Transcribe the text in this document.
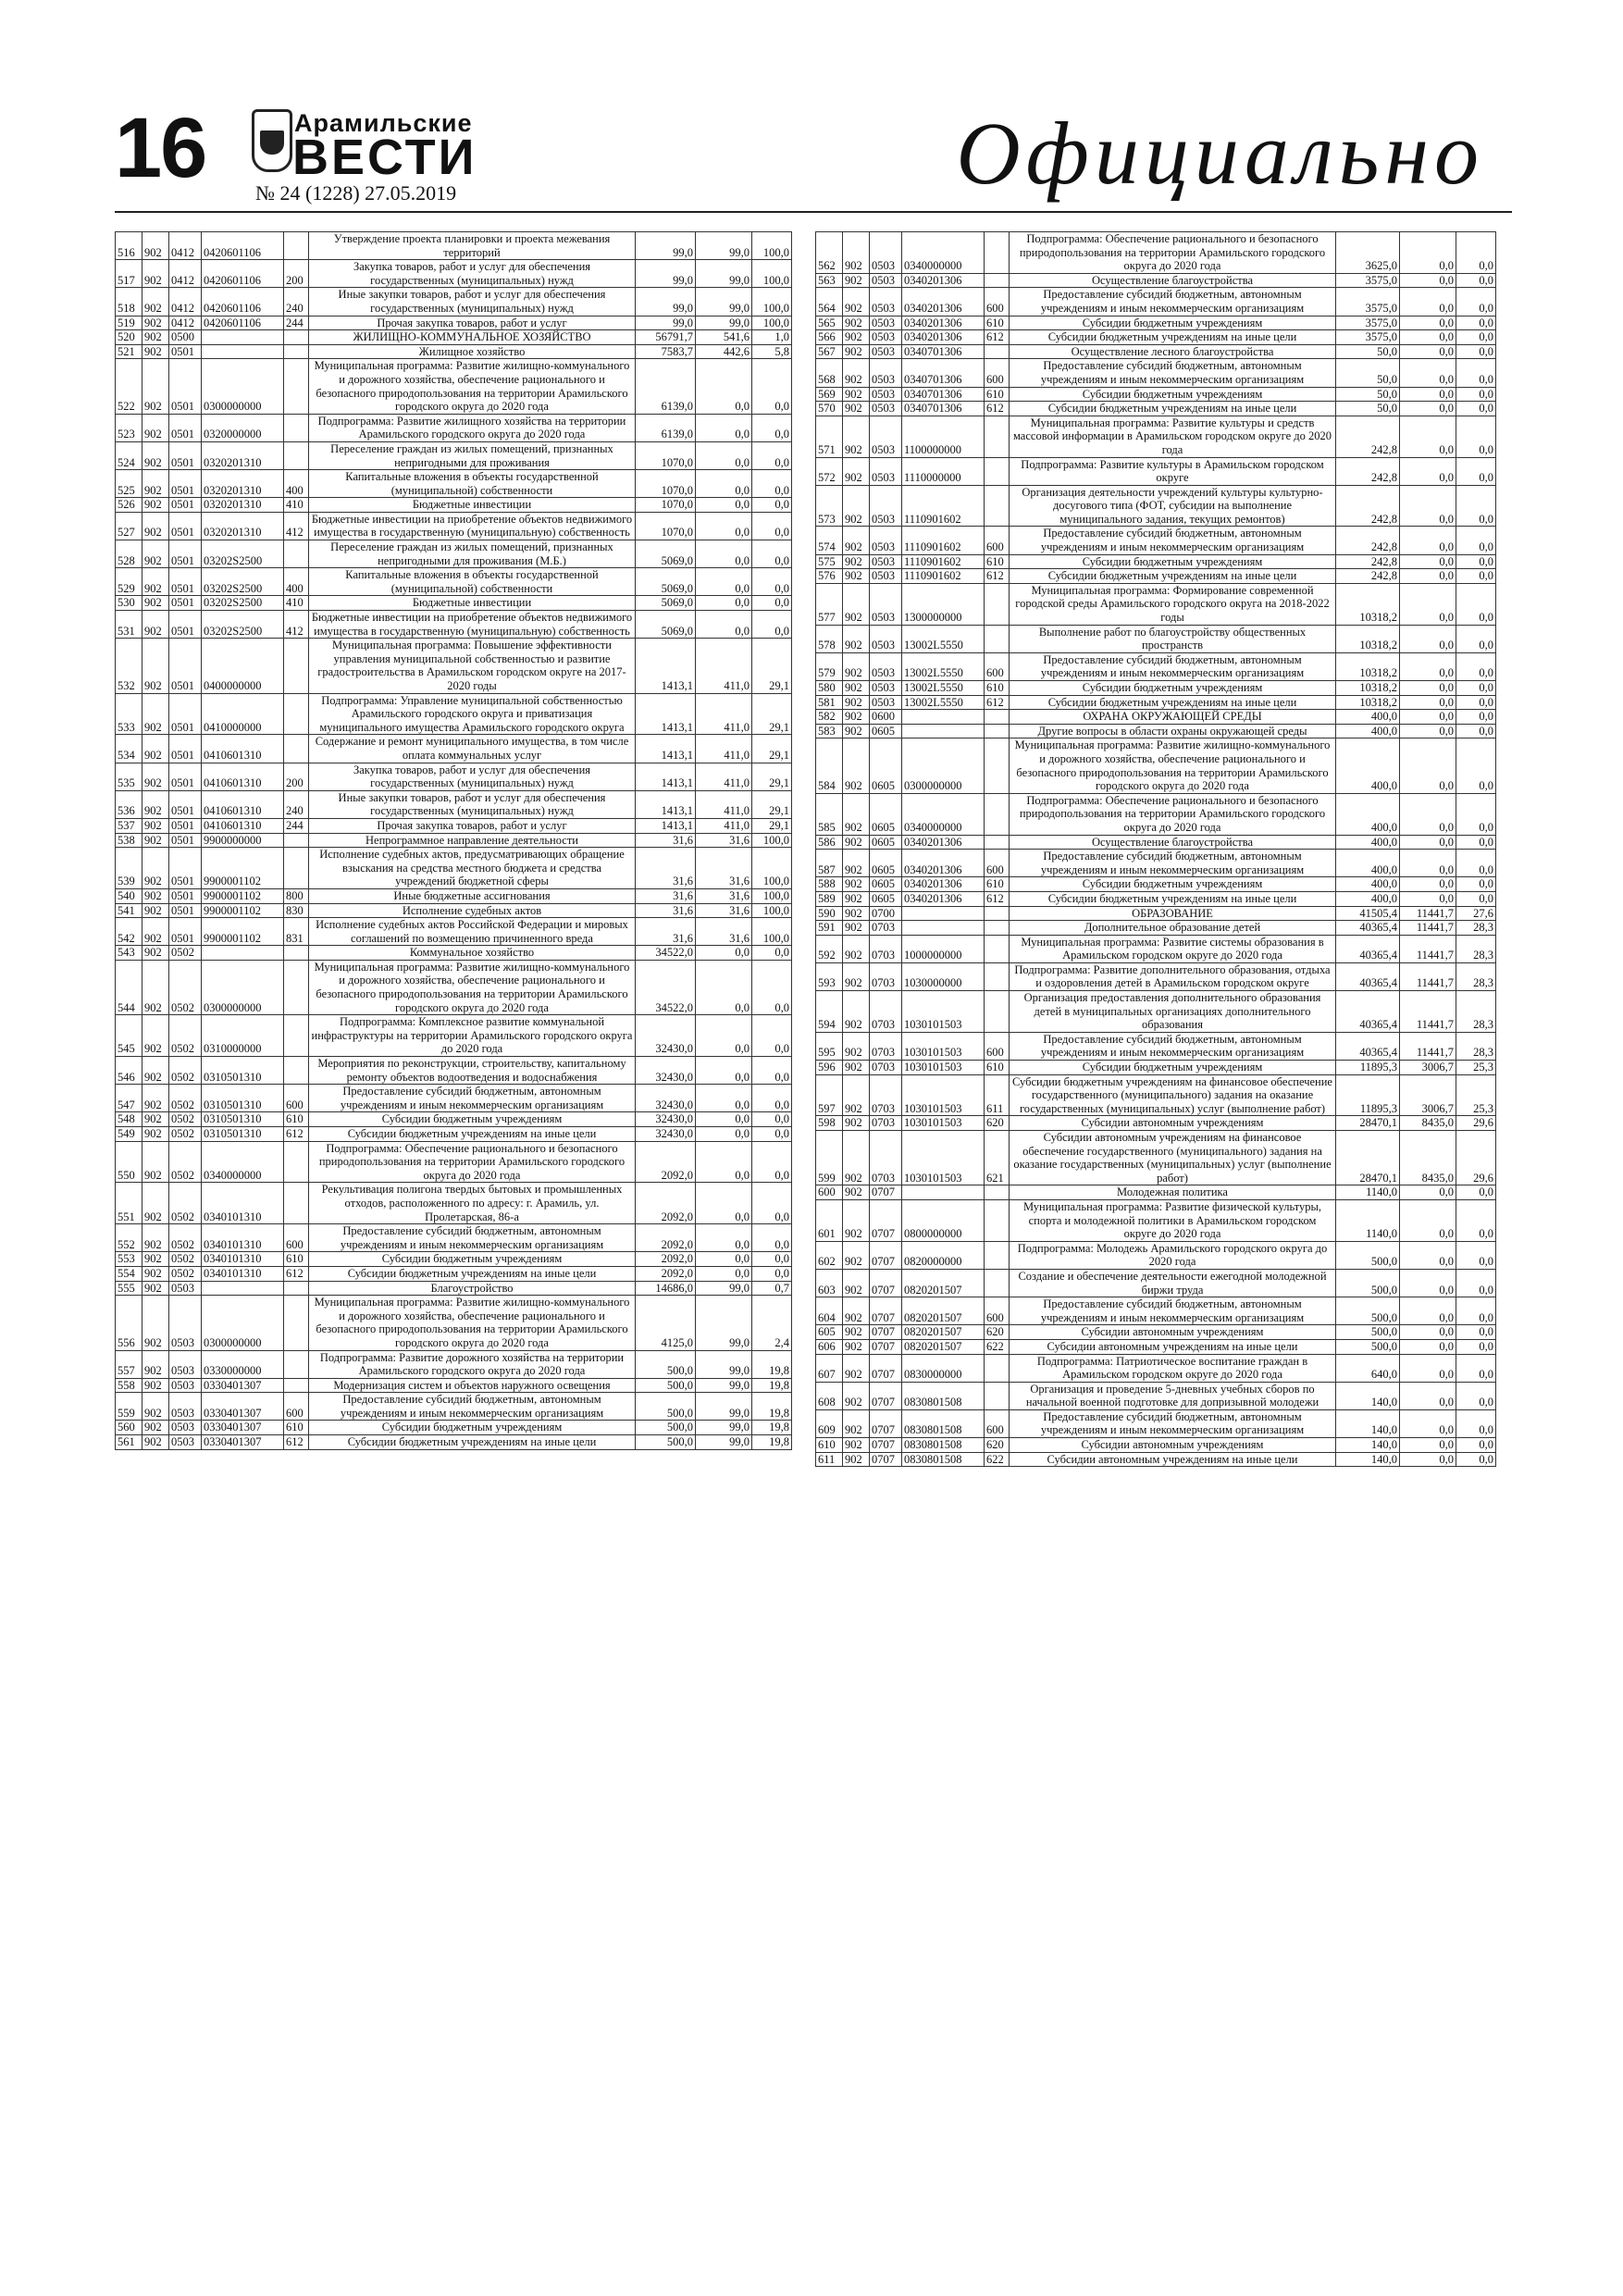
16	Арамильские
ВЕСТИ
№ 24 (1228) 27.05.2019	Официально
516	902	0412	0420601106		Утверждение проекта планировки и проекта межевания территорий	99,0	99,0	100,0
517	902	0412	0420601106	200	Закупка товаров, работ и услуг для обеспечения государственных (муниципальных) нужд	99,0	99,0	100,0
518	902	0412	0420601106	240	Иные закупки товаров, работ и услуг для обеспечения государственных (муниципальных) нужд	99,0	99,0	100,0
519	902	0412	0420601106	244	Прочая закупка товаров, работ и услуг	99,0	99,0	100,0
520	902	0500			ЖИЛИЩНО-КОММУНАЛЬНОЕ ХОЗЯЙСТВО	56791,7	541,6	1,0
521	902	0501			Жилищное хозяйство	7583,7	442,6	5,8
522	902	0501	0300000000		Муниципальная программа: Развитие жилищно-коммунального и дорожного хозяйства, обеспечение рационального и безопасного природопользования на территории Арамильского городского округа до 2020 года	6139,0	0,0	0,0
523	902	0501	0320000000		Подпрограмма: Развитие жилищного хозяйства на территории Арамильского городского округа до 2020 года	6139,0	0,0	0,0
524	902	0501	0320201310		Переселение граждан из жилых помещений, признанных непригодными для проживания	1070,0	0,0	0,0
525	902	0501	0320201310	400	Капитальные вложения в объекты государственной (муниципальной) собственности	1070,0	0,0	0,0
526	902	0501	0320201310	410	Бюджетные инвестиции	1070,0	0,0	0,0
527	902	0501	0320201310	412	Бюджетные инвестиции на приобретение объектов недвижимого имущества в государственную (муниципальную) собственность	1070,0	0,0	0,0
528	902	0501	03202S2500		Переселение граждан из жилых помещений, признанных непригодными для проживания (М.Б.)	5069,0	0,0	0,0
529	902	0501	03202S2500	400	Капитальные вложения в объекты государственной (муниципальной) собственности	5069,0	0,0	0,0
530	902	0501	03202S2500	410	Бюджетные инвестиции	5069,0	0,0	0,0
531	902	0501	03202S2500	412	Бюджетные инвестиции на приобретение объектов недвижимого имущества в государственную (муниципальную) собственность	5069,0	0,0	0,0
532	902	0501	0400000000		Муниципальная программа: Повышение эффективности управления муниципальной собственностью и развитие градостроительства в Арамильском городском округе на 2017-2020 годы	1413,1	411,0	29,1
533	902	0501	0410000000		Подпрограмма: Управление муниципальной собственностью Арамильского городского округа и приватизация муниципального имущества Арамильского городского округа	1413,1	411,0	29,1
534	902	0501	0410601310		Содержание и ремонт муниципального имущества, в том числе оплата коммунальных услуг	1413,1	411,0	29,1
535	902	0501	0410601310	200	Закупка товаров, работ и услуг для обеспечения государственных (муниципальных) нужд	1413,1	411,0	29,1
536	902	0501	0410601310	240	Иные закупки товаров, работ и услуг для обеспечения государственных (муниципальных) нужд	1413,1	411,0	29,1
537	902	0501	0410601310	244	Прочая закупка товаров, работ и услуг	1413,1	411,0	29,1
538	902	0501	9900000000		Непрограммное направление деятельности	31,6	31,6	100,0
539	902	0501	9900001102		Исполнение судебных актов, предусматривающих обращение взыскания на средства местного бюджета и средства учреждений бюджетной сферы	31,6	31,6	100,0
540	902	0501	9900001102	800	Иные бюджетные ассигнования	31,6	31,6	100,0
541	902	0501	9900001102	830	Исполнение судебных актов	31,6	31,6	100,0
542	902	0501	9900001102	831	Исполнение судебных актов Российской Федерации и мировых соглашений по возмещению причиненного вреда	31,6	31,6	100,0
543	902	0502			Коммунальное хозяйство	34522,0	0,0	0,0
544	902	0502	0300000000		Муниципальная программа: Развитие жилищно-коммунального и дорожного хозяйства, обеспечение рационального и безопасного природопользования на территории Арамильского городского округа до 2020 года	34522,0	0,0	0,0
545	902	0502	0310000000		Подпрограмма: Комплексное развитие коммунальной инфраструктуры на территории Арамильского городского округа до 2020 года	32430,0	0,0	0,0
546	902	0502	0310501310		Мероприятия по реконструкции, строительству, капитальному ремонту объектов водоотведения и водоснабжения	32430,0	0,0	0,0
547	902	0502	0310501310	600	Предоставление субсидий бюджетным, автономным учреждениям и иным некоммерческим организациям	32430,0	0,0	0,0
548	902	0502	0310501310	610	Субсидии бюджетным учреждениям	32430,0	0,0	0,0
549	902	0502	0310501310	612	Субсидии бюджетным учреждениям на иные цели	32430,0	0,0	0,0
550	902	0502	0340000000		Подпрограмма: Обеспечение рационального и безопасного природопользования на территории Арамильского городского округа до 2020 года	2092,0	0,0	0,0
551	902	0502	0340101310		Рекультивация полигона твердых бытовых и промышленных отходов, расположенного по адресу: г. Арамиль, ул. Пролетарская, 86-а	2092,0	0,0	0,0
552	902	0502	0340101310	600	Предоставление субсидий бюджетным, автономным учреждениям и иным некоммерческим организациям	2092,0	0,0	0,0
553	902	0502	0340101310	610	Субсидии бюджетным учреждениям	2092,0	0,0	0,0
554	902	0502	0340101310	612	Субсидии бюджетным учреждениям на иные цели	2092,0	0,0	0,0
555	902	0503			Благоустройство	14686,0	99,0	0,7
556	902	0503	0300000000		Муниципальная программа: Развитие жилищно-коммунального и дорожного хозяйства, обеспечение рационального и безопасного природопользования на территории Арамильского городского округа до 2020 года	4125,0	99,0	2,4
557	902	0503	0330000000		Подпрограмма: Развитие дорожного хозяйства на территории Арамильского городского округа до 2020 года	500,0	99,0	19,8
558	902	0503	0330401307		Модернизация систем и объектов наружного освещения	500,0	99,0	19,8
559	902	0503	0330401307	600	Предоставление субсидий бюджетным, автономным учреждениям и иным некоммерческим организациям	500,0	99,0	19,8
560	902	0503	0330401307	610	Субсидии бюджетным учреждениям	500,0	99,0	19,8
561	902	0503	0330401307	612	Субсидии бюджетным учреждениям на иные цели	500,0	99,0	19,8
562	902	0503	0340000000		Подпрограмма: Обеспечение рационального и безопасного природопользования на территории Арамильского городского округа до 2020 года	3625,0	0,0	0,0
563	902	0503	0340201306		Осуществление благоустройства	3575,0	0,0	0,0
564	902	0503	0340201306	600	Предоставление субсидий бюджетным, автономным учреждениям и иным некоммерческим организациям	3575,0	0,0	0,0
565	902	0503	0340201306	610	Субсидии бюджетным учреждениям	3575,0	0,0	0,0
566	902	0503	0340201306	612	Субсидии бюджетным учреждениям на иные цели	3575,0	0,0	0,0
567	902	0503	0340701306		Осуществление лесного благоустройства	50,0	0,0	0,0
568	902	0503	0340701306	600	Предоставление субсидий бюджетным, автономным учреждениям и иным некоммерческим организациям	50,0	0,0	0,0
569	902	0503	0340701306	610	Субсидии бюджетным учреждениям	50,0	0,0	0,0
570	902	0503	0340701306	612	Субсидии бюджетным учреждениям на иные цели	50,0	0,0	0,0
571	902	0503	1100000000		Муниципальная программа: Развитие культуры и средств массовой информации в Арамильском городском округе до 2020 года	242,8	0,0	0,0
572	902	0503	1110000000		Подпрограмма: Развитие культуры в Арамильском городском округе	242,8	0,0	0,0
573	902	0503	1110901602		Организация деятельности учреждений культуры культурно-досугового типа (ФОТ, субсидии на выполнение муниципального задания, текущих ремонтов)	242,8	0,0	0,0
574	902	0503	1110901602	600	Предоставление субсидий бюджетным, автономным учреждениям и иным некоммерческим организациям	242,8	0,0	0,0
575	902	0503	1110901602	610	Субсидии бюджетным учреждениям	242,8	0,0	0,0
576	902	0503	1110901602	612	Субсидии бюджетным учреждениям на иные цели	242,8	0,0	0,0
577	902	0503	1300000000		Муниципальная программа: Формирование современной городской среды Арамильского городского округа на 2018-2022 годы	10318,2	0,0	0,0
578	902	0503	13002L5550		Выполнение работ по благоустройству общественных пространств	10318,2	0,0	0,0
579	902	0503	13002L5550	600	Предоставление субсидий бюджетным, автономным учреждениям и иным некоммерческим организациям	10318,2	0,0	0,0
580	902	0503	13002L5550	610	Субсидии бюджетным учреждениям	10318,2	0,0	0,0
581	902	0503	13002L5550	612	Субсидии бюджетным учреждениям на иные цели	10318,2	0,0	0,0
582	902	0600			ОХРАНА ОКРУЖАЮЩЕЙ СРЕДЫ	400,0	0,0	0,0
583	902	0605			Другие вопросы в области охраны окружающей среды	400,0	0,0	0,0
584	902	0605	0300000000		Муниципальная программа: Развитие жилищно-коммунального и дорожного хозяйства, обеспечение рационального и безопасного природопользования на территории Арамильского городского округа до 2020 года	400,0	0,0	0,0
585	902	0605	0340000000		Подпрограмма: Обеспечение рационального и безопасного природопользования на территории Арамильского городского округа до 2020 года	400,0	0,0	0,0
586	902	0605	0340201306		Осуществление благоустройства	400,0	0,0	0,0
587	902	0605	0340201306	600	Предоставление субсидий бюджетным, автономным учреждениям и иным некоммерческим организациям	400,0	0,0	0,0
588	902	0605	0340201306	610	Субсидии бюджетным учреждениям	400,0	0,0	0,0
589	902	0605	0340201306	612	Субсидии бюджетным учреждениям на иные цели	400,0	0,0	0,0
590	902	0700			ОБРАЗОВАНИЕ	41505,4	11441,7	27,6
591	902	0703			Дополнительное образование детей	40365,4	11441,7	28,3
592	902	0703	1000000000		Муниципальная программа: Развитие системы образования в Арамильском городском округе до 2020 года	40365,4	11441,7	28,3
593	902	0703	1030000000		Подпрограмма: Развитие дополнительного образования, отдыха и оздоровления детей в Арамильском городском округе	40365,4	11441,7	28,3
594	902	0703	1030101503		Организация предоставления дополнительного образования детей в муниципальных организациях дополнительного образования	40365,4	11441,7	28,3
595	902	0703	1030101503	600	Предоставление субсидий бюджетным, автономным учреждениям и иным некоммерческим организациям	40365,4	11441,7	28,3
596	902	0703	1030101503	610	Субсидии бюджетным учреждениям	11895,3	3006,7	25,3
597	902	0703	1030101503	611	Субсидии бюджетным учреждениям на финансовое обеспечение государственного (муниципального) задания на оказание государственных (муниципальных) услуг (выполнение работ)	11895,3	3006,7	25,3
598	902	0703	1030101503	620	Субсидии автономным учреждениям	28470,1	8435,0	29,6
599	902	0703	1030101503	621	Субсидии автономным учреждениям на финансовое обеспечение государственного (муниципального) задания на оказание государственных (муниципальных) услуг (выполнение работ)	28470,1	8435,0	29,6
600	902	0707			Молодежная политика	1140,0	0,0	0,0
601	902	0707	0800000000		Муниципальная программа: Развитие физической культуры, спорта и молодежной политики в Арамильском городском округе до 2020 года	1140,0	0,0	0,0
602	902	0707	0820000000		Подпрограмма: Молодежь Арамильского городского округа до 2020 года	500,0	0,0	0,0
603	902	0707	0820201507		Создание и обеспечение деятельности ежегодной молодежной биржи труда	500,0	0,0	0,0
604	902	0707	0820201507	600	Предоставление субсидий бюджетным, автономным учреждениям и иным некоммерческим организациям	500,0	0,0	0,0
605	902	0707	0820201507	620	Субсидии автономным учреждениям	500,0	0,0	0,0
606	902	0707	0820201507	622	Субсидии автономным учреждениям на иные цели	500,0	0,0	0,0
607	902	0707	0830000000		Подпрограмма: Патриотическое воспитание граждан в Арамильском городском округе до 2020 года	640,0	0,0	0,0
608	902	0707	0830801508		Организация и проведение 5-дневных учебных сборов по начальной военной подготовке для допризывной молодежи	140,0	0,0	0,0
609	902	0707	0830801508	600	Предоставление субсидий бюджетным, автономным учреждениям и иным некоммерческим организациям	140,0	0,0	0,0
610	902	0707	0830801508	620	Субсидии автономным учреждениям	140,0	0,0	0,0
611	902	0707	0830801508	622	Субсидии автономным учреждениям на иные цели	140,0	0,0	0,0
